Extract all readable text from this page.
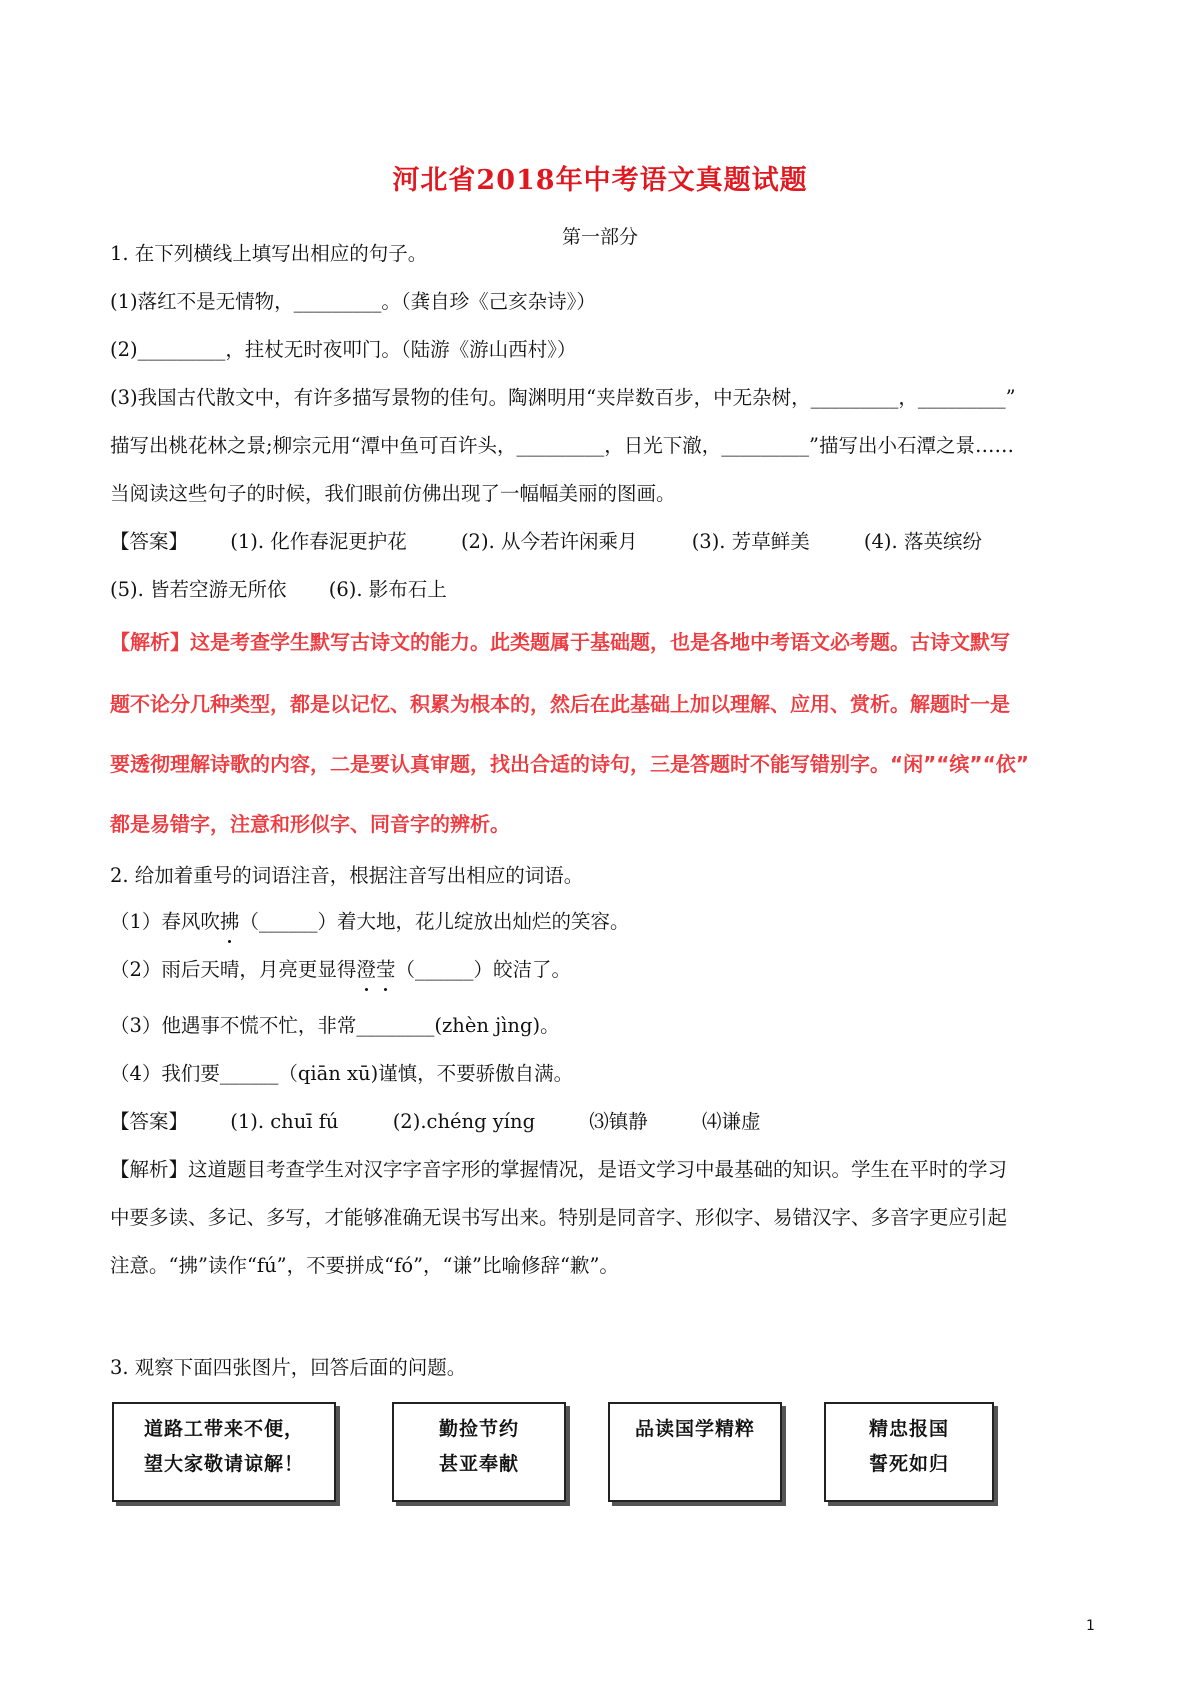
河北省2018年中考语文真题试题
第一部分
1. 在下列横线上填写出相应的句子。
(1)落红不是无情物，_________。（龚自珍《己亥杂诗》）
(2)_________，拄杖无时夜叩门。（陆游《游山西村》）
(3)我国古代散文中，有许多描写景物的佳句。陶渊明用“夹岸数百步，中无杂树，_________，_________”
描写出桃花林之景;柳宗元用“潭中鱼可百许头，_________，日光下澈，_________”描写出小石潭之景……
当阅读这些句子的时候，我们眼前仿佛出现了一幅幅美丽的图画。
【答案】 (1). 化作春泥更护花	(2). 从今若许闲乘月	(3). 芳草鲜美	(4). 落英缤纷
(5). 皆若空游无所依 (6). 影布石上
【解析】这是考查学生默写古诗文的能力。此类题属于基础题，也是各地中考语文必考题。古诗文默写
题不论分几种类型，都是以记忆、积累为根本的，然后在此基础上加以理解、应用、赏析。解题时一是
要透彻理解诗歌的内容，二是要认真审题，找出合适的诗句，三是答题时不能写错别字。“闲”“缤”“依”
都是易错字，注意和形似字、同音字的辨析。
2. 给加着重号的词语注音，根据注音写出相应的词语。
（1）春风吹拂（______）着大地，花儿绽放出灿烂的笑容。
（2）雨后天晴，月亮更显得澄莹（______）皎洁了。
（3）他遇事不慌不忙，非常________(zhèn jìng)。
（4）我们要______（qiān xū)谨慎，不要骄傲自满。
【答案】 (1). chuī fú	(2).chéng yíng	⑶镇静	⑷谦虚
【解析】这道题目考查学生对汉字字音字形的掌握情况，是语文学习中最基础的知识。学生在平时的学习
中要多读、多记、多写，才能够准确无误书写出来。特别是同音字、形似字、易错汉字、多音字更应引起
注意。“拂”读作“fú”，不要拼成“fó”，“谦”比喻修辞“歉”。
3. 观察下面四张图片，回答后面的问题。
道路工带来不便，
望大家敬请谅解！
勤捡节约
甚亚奉献
品读国学精粹	精忠报国
誓死如归
1
